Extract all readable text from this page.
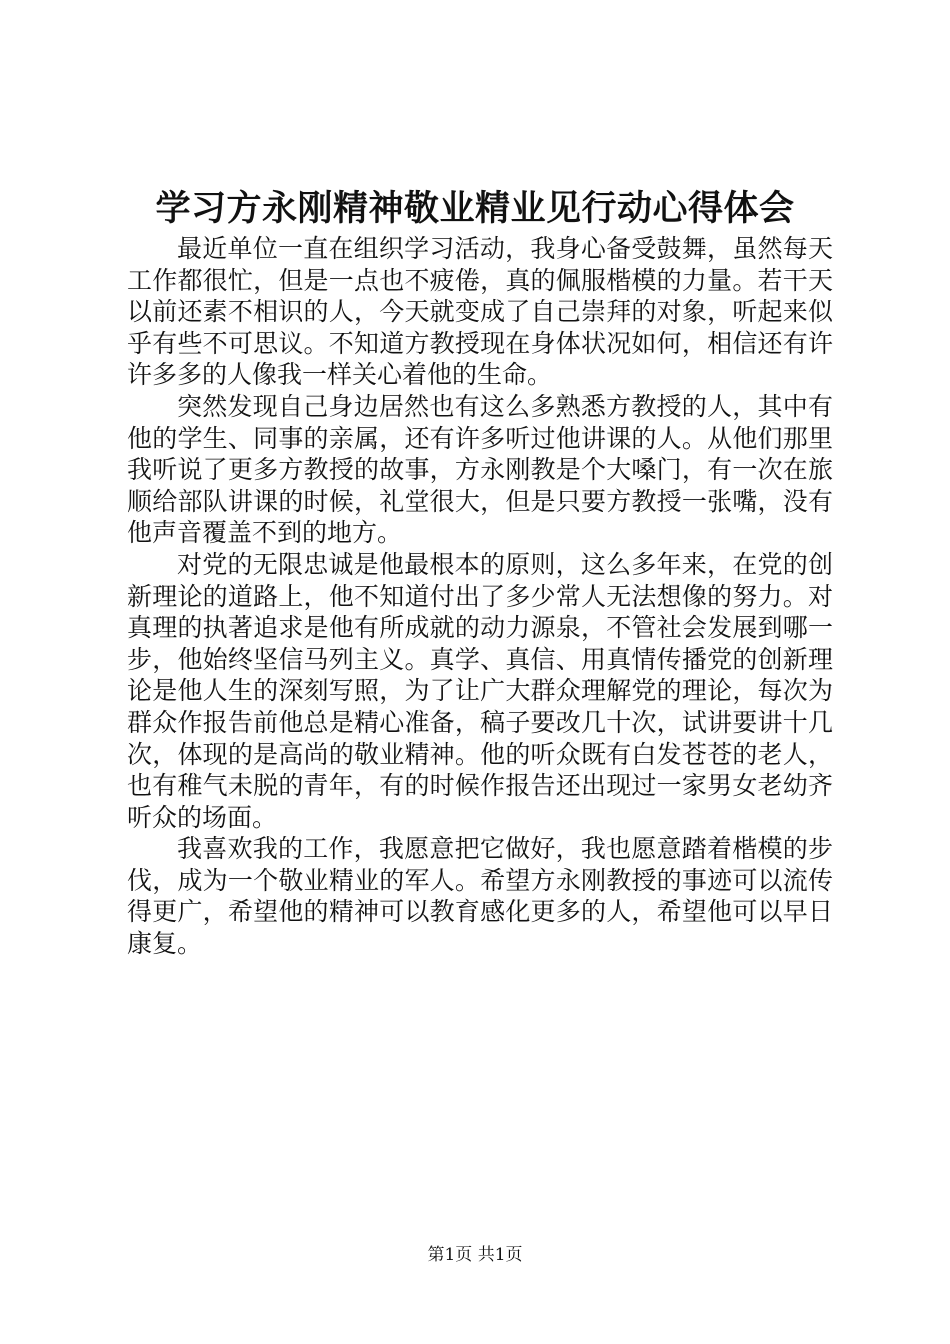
学习方永刚精神敬业精业见行动心得体会

最近单位一直在组织学习活动，我身心备受鼓舞，虽然每天工作都很忙，但是一点也不疲倦，真的佩服楷模的力量。若干天以前还素不相识的人，今天就变成了自己崇拜的对象，听起来似乎有些不可思议。不知道方教授现在身体状况如何，相信还有许许多多的人像我一样关心着他的生命。

突然发现自己身边居然也有这么多熟悉方教授的人，其中有他的学生、同事的亲属，还有许多听过他讲课的人。从他们那里我听说了更多方教授的故事，方永刚教是个大嗓门，有一次在旅顺给部队讲课的时候，礼堂很大，但是只要方教授一张嘴，没有他声音覆盖不到的地方。

对党的无限忠诚是他最根本的原则，这么多年来，在党的创新理论的道路上，他不知道付出了多少常人无法想像的努力。对真理的执著追求是他有所成就的动力源泉，不管社会发展到哪一步，他始终坚信马列主义。真学、真信、用真情传播党的创新理论是他人生的深刻写照，为了让广大群众理解党的理论，每次为群众作报告前他总是精心准备，稿子要改几十次，试讲要讲十几次，体现的是高尚的敬业精神。他的听众既有白发苍苍的老人，也有稚气未脱的青年，有的时候作报告还出现过一家男女老幼齐听众的场面。

我喜欢我的工作，我愿意把它做好，我也愿意踏着楷模的步伐，成为一个敬业精业的军人。希望方永刚教授的事迹可以流传得更广，希望他的精神可以教育感化更多的人，希望他可以早日康复。

第1页 共1页
